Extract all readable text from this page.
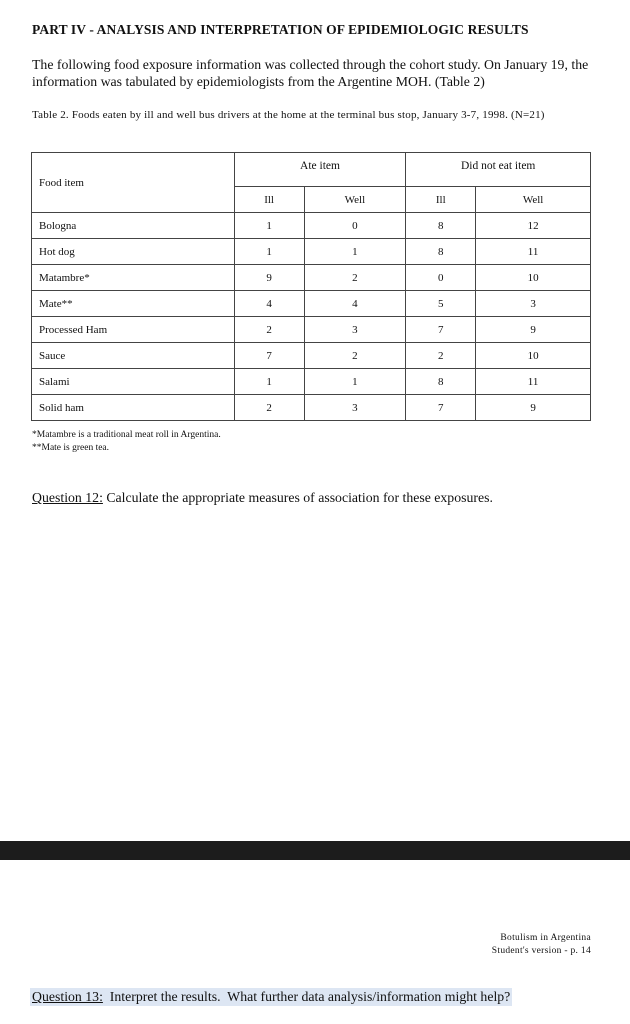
PART IV - ANALYSIS AND INTERPRETATION OF EPIDEMIOLOGIC RESULTS
The following food exposure information was collected through the cohort study. On January 19, the information was tabulated by epidemiologists from the Argentine MOH. (Table 2)
Table 2. Foods eaten by ill and well bus drivers at the home at the terminal bus stop, January 3-7, 1998. (N=21)
Food item	Ate item		Did not eat item	
	Ill	Well	Ill	Well
Bologna	1	0	8	12
Hot dog	1	1	8	11
Matambre*	9	2	0	10
Mate**	4	4	5	3
Processed Ham	2	3	7	9
Sauce	7	2	2	10
Salami	1	1	8	11
Solid ham	2	3	7	9
*Matambre is a traditional meat roll in Argentina.
**Mate is green tea.
Question 12: Calculate the appropriate measures of association for these exposures.
Botulism in Argentina
Student's version - p. 14
Question 13:  Interpret the results.  What further data analysis/information might help?
